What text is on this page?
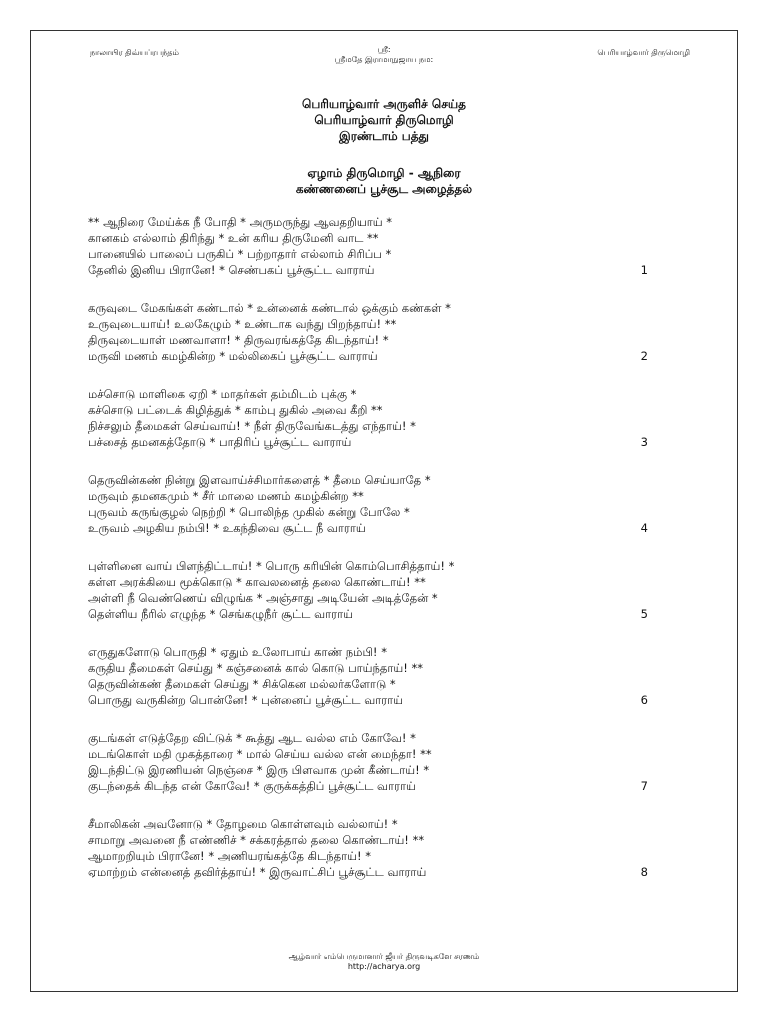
நாலாயிர திவ்யப்ரபந்தம்	ஸ்ரீ:
ஸ்ரீமதே இராமாநுஜாய நம:
பெரியாழ்வார் திருமொழி
பெரியாழ்வார் அருளிச் செய்த
பெரியாழ்வார் திருமொழி
இரண்டாம் பத்து
ஏழாம் திருமொழி - ஆநிரை
கண்ணனைப் பூச்சூட அழைத்தல்
** ஆநிரை மேய்க்க நீ போதி * அருமருந்து ஆவதறியாய் *
கானகம் எல்லாம் திரிந்து * உன் கரிய திருமேனி வாட **
பானையில் பாலைப் பருகிப் * பற்றாதார் எல்லாம் சிரிப்ப *
தேனில் இனிய பிரானே! * செண்பகப் பூச்சூட்ட வாராய்	1
கருவுடை மேகங்கள் கண்டால் * உன்னைக் கண்டால் ஒக்கும் கண்கள் *
உருவுடையாய்! உலகேழும் * உண்டாக வந்து பிறந்தாய்! **
திருவுடையாள் மணவாளா! * திருவரங்கத்தே கிடந்தாய்! *
மருவி மணம் கமழ்கின்ற * மல்லிகைப் பூச்சூட்ட வாராய்	2
மச்சொடு மாளிகை ஏறி * மாதர்கள் தம்மிடம் புக்கு *
கச்சொடு பட்டைக் கிழித்துக் * காம்பு துகில் அவை கீறி **
நிச்சலும் தீமைகள் செய்வாய்! * நீள் திருவேங்கடத்து எந்தாய்! *
பச்சைத் தமனகத்தோடு * பாதிரிப் பூச்சூட்ட வாராய்	3
தெருவின்கண் நின்று இளவாய்ச்சிமார்களைத் * தீமை செய்யாதே *
மருவும் தமனகமும் * சீர் மாலை மணம் கமழ்கின்ற **
புருவம் கருங்குழல் நெற்றி * பொலிந்த முகில் கன்று போலே *
உருவம் அழகிய நம்பி! * உகந்திவை சூட்ட நீ வாராய்	4
புள்ளினை வாய் பிளந்திட்டாய்! * பொரு கரியின் கொம்பொசித்தாய்! *
கள்ள அரக்கியை மூக்கொடு * காவலனைத் தலை கொண்டாய்! **
அள்ளி நீ வெண்ணெய் விழுங்க * அஞ்சாது அடியேன் அடித்தேன் *
தெள்ளிய நீரில் எழுந்த * செங்கழுநீர் சூட்ட வாராய்	5
எருதுகளோடு பொருதி * ஏதும் உலோபாய் காண் நம்பி! *
கருதிய தீமைகள் செய்து * கஞ்சனைக் கால் கொடு பாய்ந்தாய்! **
தெருவின்கண் தீமைகள் செய்து * சிக்கென மல்லர்களோடு *
பொருது வருகின்ற பொன்னே! * புன்னைப் பூச்சூட்ட வாராய்	6
குடங்கள் எடுத்தேற விட்டுக் * கூத்து ஆட வல்ல எம் கோவே! *
மடங்கொள் மதி முகத்தாரை * மால் செய்ய வல்ல என் மைந்தா! **
இடந்திட்டு இரணியன் நெஞ்சை * இரு பிளவாக முன் கீண்டாய்! *
குடந்தைக் கிடந்த என் கோவே! * குருக்கத்திப் பூச்சூட்ட வாராய்	7
சீமாலிகன் அவனோடு * தோழமை கொள்ளவும் வல்லாய்! *
சாமாறு அவனை நீ எண்ணிச் * சக்கரத்தால் தலை கொண்டாய்! **
ஆமாறறியும் பிரானே! * அணியரங்கத்தே கிடந்தாய்! *
ஏமாற்றம் என்னைத் தவிர்த்தாய்! * இருவாட்சிப் பூச்சூட்ட வாராய்	8
ஆழ்வார் எம்பெருமானார் ஜீயர் திருவடிகளே சரணம்
http://acharya.org
